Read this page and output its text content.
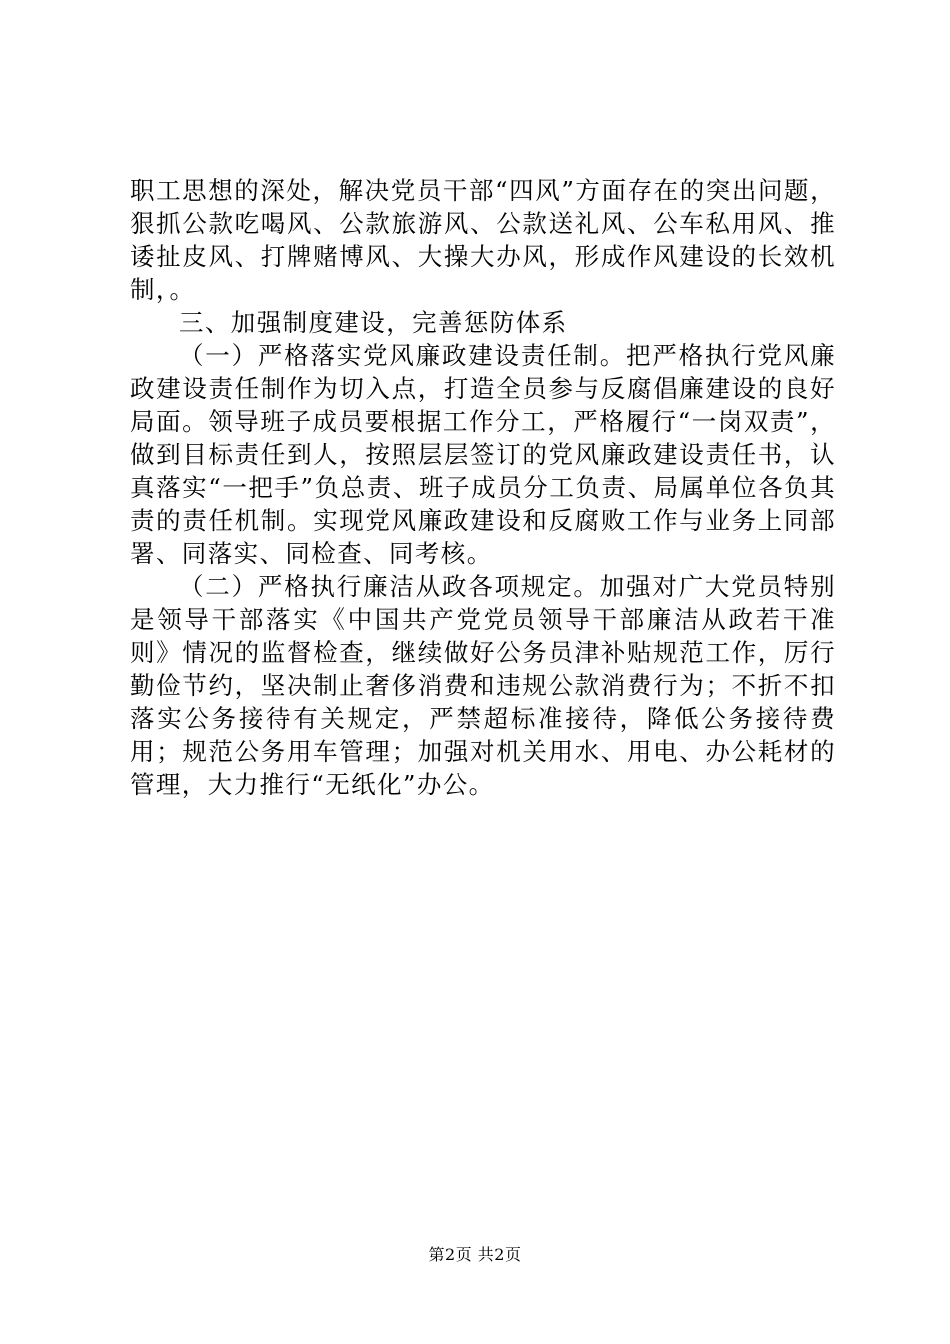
职工思想的深处，解决党员干部“四风”方面存在的突出问题，狠抓公款吃喝风、公款旅游风、公款送礼风、公车私用风、推诿扯皮风、打牌赌博风、大操大办风，形成作风建设的长效机制，。

三、加强制度建设，完善惩防体系

（一）严格落实党风廉政建设责任制。把严格执行党风廉政建设责任制作为切入点，打造全员参与反腐倡廉建设的良好局面。领导班子成员要根据工作分工，严格履行“一岗双责”，做到目标责任到人，按照层层签订的党风廉政建设责任书，认真落实“一把手”负总责、班子成员分工负责、局属单位各负其责的责任机制。实现党风廉政建设和反腐败工作与业务上同部署、同落实、同检查、同考核。

（二）严格执行廉洁从政各项规定。加强对广大党员特别是领导干部落实《中国共产党党员领导干部廉洁从政若干准则》情况的监督检查，继续做好公务员津补贴规范工作，厉行勤俭节约，坚决制止奢侈消费和违规公款消费行为；不折不扣落实公务接待有关规定，严禁超标准接待，降低公务接待费用；规范公务用车管理；加强对机关用水、用电、办公耗材的管理，大力推行“无纸化”办公。

第2页 共2页
